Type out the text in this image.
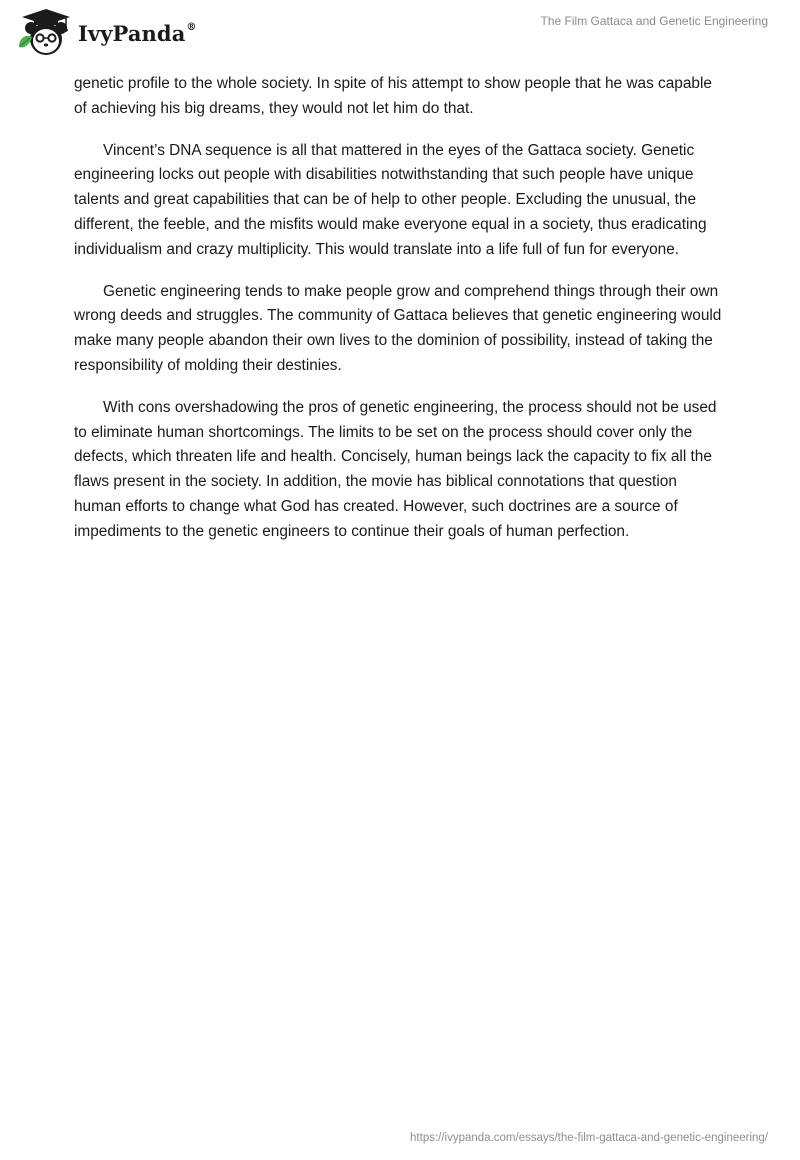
IvyPanda®	The Film Gattaca and Genetic Engineering

genetic profile to the whole society. In spite of his attempt to show people that he was capable of achieving his big dreams, they would not let him do that.

Vincent’s DNA sequence is all that mattered in the eyes of the Gattaca society. Genetic engineering locks out people with disabilities notwithstanding that such people have unique talents and great capabilities that can be of help to other people. Excluding the unusual, the different, the feeble, and the misfits would make everyone equal in a society, thus eradicating individualism and crazy multiplicity. This would translate into a life full of fun for everyone.

Genetic engineering tends to make people grow and comprehend things through their own wrong deeds and struggles. The community of Gattaca believes that genetic engineering would make many people abandon their own lives to the dominion of possibility, instead of taking the responsibility of molding their destinies.

With cons overshadowing the pros of genetic engineering, the process should not be used to eliminate human shortcomings. The limits to be set on the process should cover only the defects, which threaten life and health. Concisely, human beings lack the capacity to fix all the flaws present in the society. In addition, the movie has biblical connotations that question human efforts to change what God has created. However, such doctrines are a source of impediments to the genetic engineers to continue their goals of human perfection.

https://ivypanda.com/essays/the-film-gattaca-and-genetic-engineering/
